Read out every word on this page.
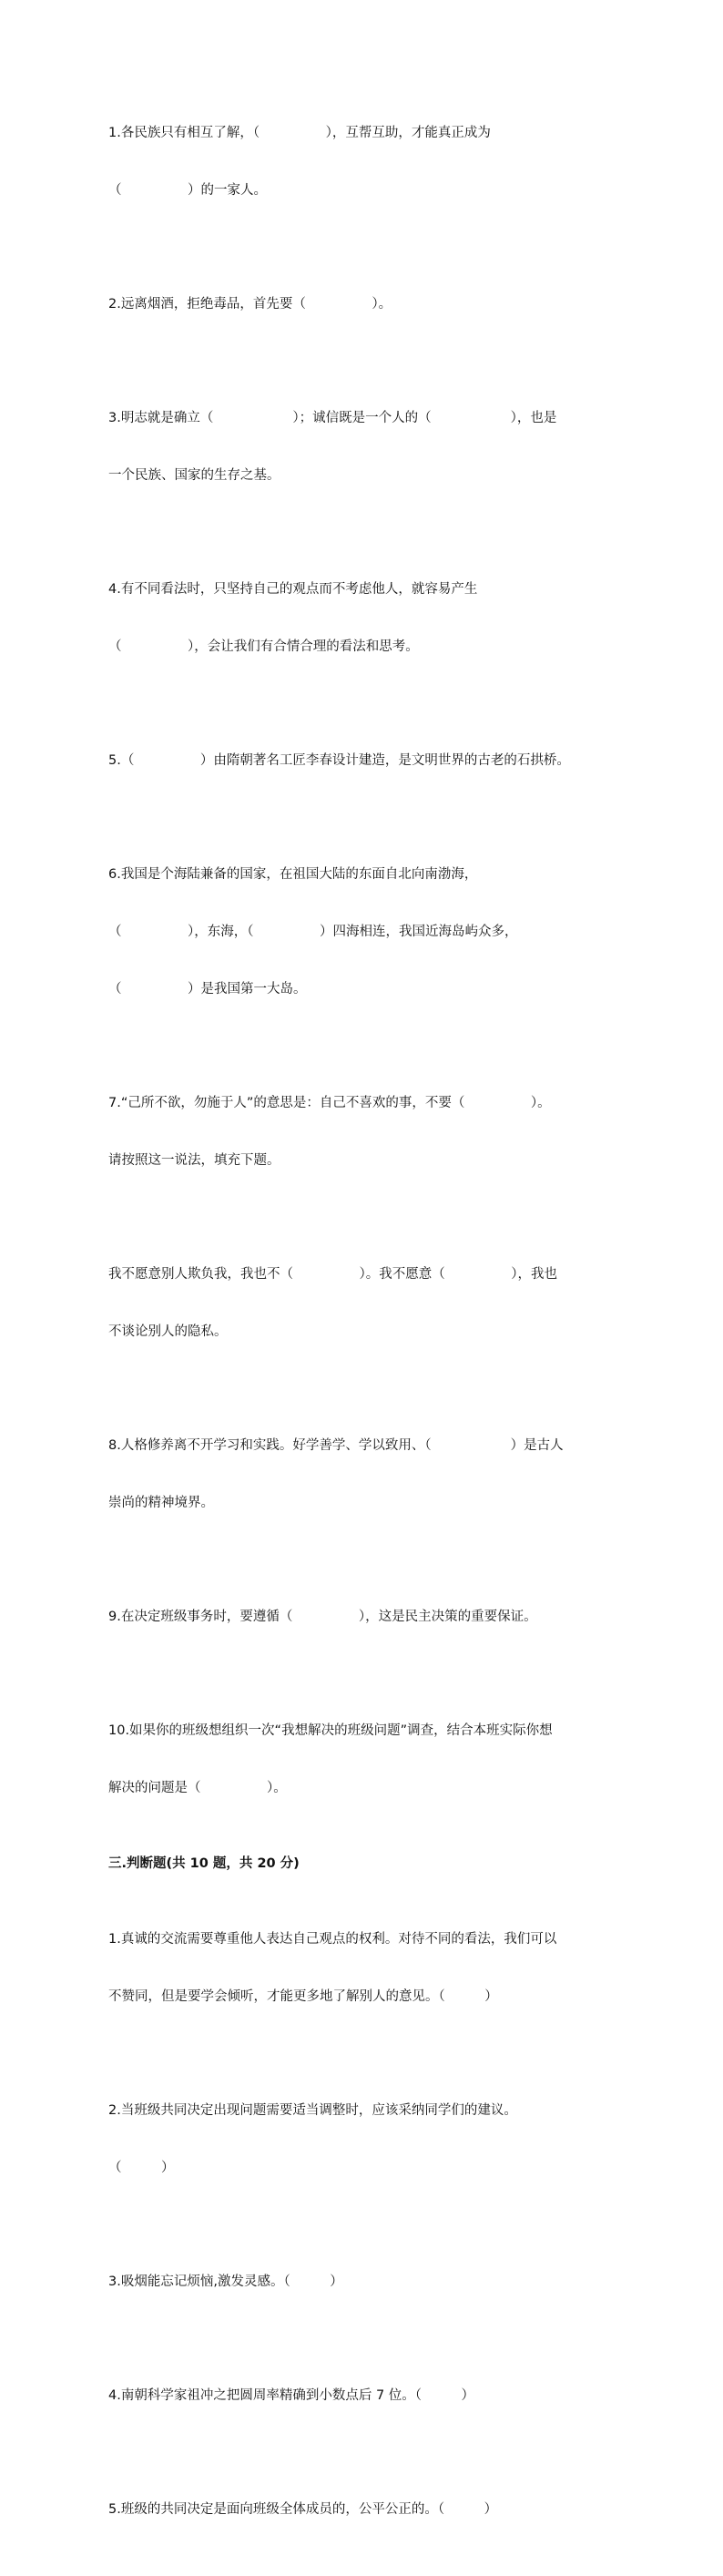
1.各民族只有相互了解，（　　　　　），互帮互助，才能真正成为

（　　　　　）的一家人。

2.远离烟酒，拒绝毒品，首先要（　　　　　）。

3.明志就是确立（　　　　　　）；诚信既是一个人的（　　　　　　），也是

一个民族、国家的生存之基。

4.有不同看法时，只坚持自己的观点而不考虑他人，就容易产生

（　　　　　），会让我们有合情合理的看法和思考。

5.（　　　　　）由隋朝著名工匠李春设计建造，是文明世界的古老的石拱桥。

6.我国是个海陆兼备的国家，在祖国大陆的东面自北向南渤海，

（　　　　　），东海，（　　　　　）四海相连，我国近海岛屿众多，

（　　　　　）是我国第一大岛。

7.“己所不欲，勿施于人”的意思是：自己不喜欢的事，不要（　　　　　）。

请按照这一说法，填充下题。

我不愿意别人欺负我，我也不（　　　　　）。我不愿意（　　　　　），我也

不谈论别人的隐私。

8.人格修养离不开学习和实践。好学善学、学以致用、（　　　　　　）是古人

崇尚的精神境界。

9.在决定班级事务时，要遵循（　　　　　），这是民主决策的重要保证。

10.如果你的班级想组织一次“我想解决的班级问题”调查，结合本班实际你想

解决的问题是（　　　　　）。

三.判断题(共 10 题，共 20 分)

1.真诚的交流需要尊重他人表达自己观点的权利。对待不同的看法，我们可以

不赞同，但是要学会倾听，才能更多地了解别人的意见。（　　　）

2.当班级共同决定出现问题需要适当调整时，应该采纳同学们的建议。

（　　　）

3.吸烟能忘记烦恼,激发灵感。（　　　）

4.南朝科学家祖冲之把圆周率精确到小数点后 7 位。（　　　）

5.班级的共同决定是面向班级全体成员的，公平公正的。（　　　）
